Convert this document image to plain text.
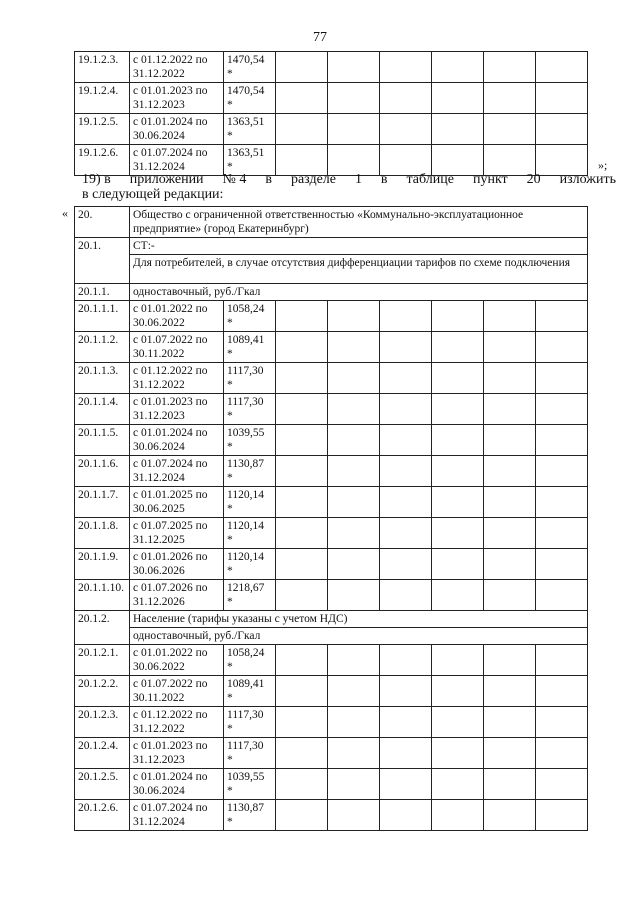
77
19.1.2.3.	с 01.12.2022 по
31.12.2022	1470,54 *						
19.1.2.4.	с 01.01.2023 по
31.12.2023	1470,54 *						
19.1.2.5.	с 01.01.2024 по
30.06.2024	1363,51 *						
19.1.2.6.	с 01.07.2024 по
31.12.2024	1363,51 *							»;
19) в приложении № 4 в разделе 1 в таблице пункт 20 изложить
в следующей редакции:
« 20.	Общество с ограниченной ответственностью «Коммунально-эксплуатационное предприятие» (город Екатеринбург)							
20.1.	СТ:-							
	Для потребителей, в случае отсутствия дифференциации тарифов по схеме подключения							
20.1.1.	одноставочный, руб./Гкал							
20.1.1.1.	с 01.01.2022 по
30.06.2022	1058,24 *						
20.1.1.2.	с 01.07.2022 по
30.11.2022	1089,41 *						
20.1.1.3.	с 01.12.2022 по
31.12.2022	1117,30 *						
20.1.1.4.	с 01.01.2023 по
31.12.2023	1117,30 *						
20.1.1.5.	с 01.01.2024 по
30.06.2024	1039,55 *						
20.1.1.6.	с 01.07.2024 по
31.12.2024	1130,87 *						
20.1.1.7.	с 01.01.2025 по
30.06.2025	1120,14 *						
20.1.1.8.	с 01.07.2025 по
31.12.2025	1120,14 *						
20.1.1.9.	с 01.01.2026 по
30.06.2026	1120,14 *						
20.1.1.10.	с 01.07.2026 по
31.12.2026	1218,67 *						
20.1.2.	Население (тарифы указаны с учетом НДС)							
	одноставочный, руб./Гкал							
20.1.2.1.	с 01.01.2022 по
30.06.2022	1058,24 *						
20.1.2.2.	с 01.07.2022 по
30.11.2022	1089,41 *						
20.1.2.3.	с 01.12.2022 по
31.12.2022	1117,30 *						
20.1.2.4.	с 01.01.2023 по
31.12.2023	1117,30 *						
20.1.2.5.	с 01.01.2024 по
30.06.2024	1039,55 *						
20.1.2.6.	с 01.07.2024 по
31.12.2024	1130,87 *						
